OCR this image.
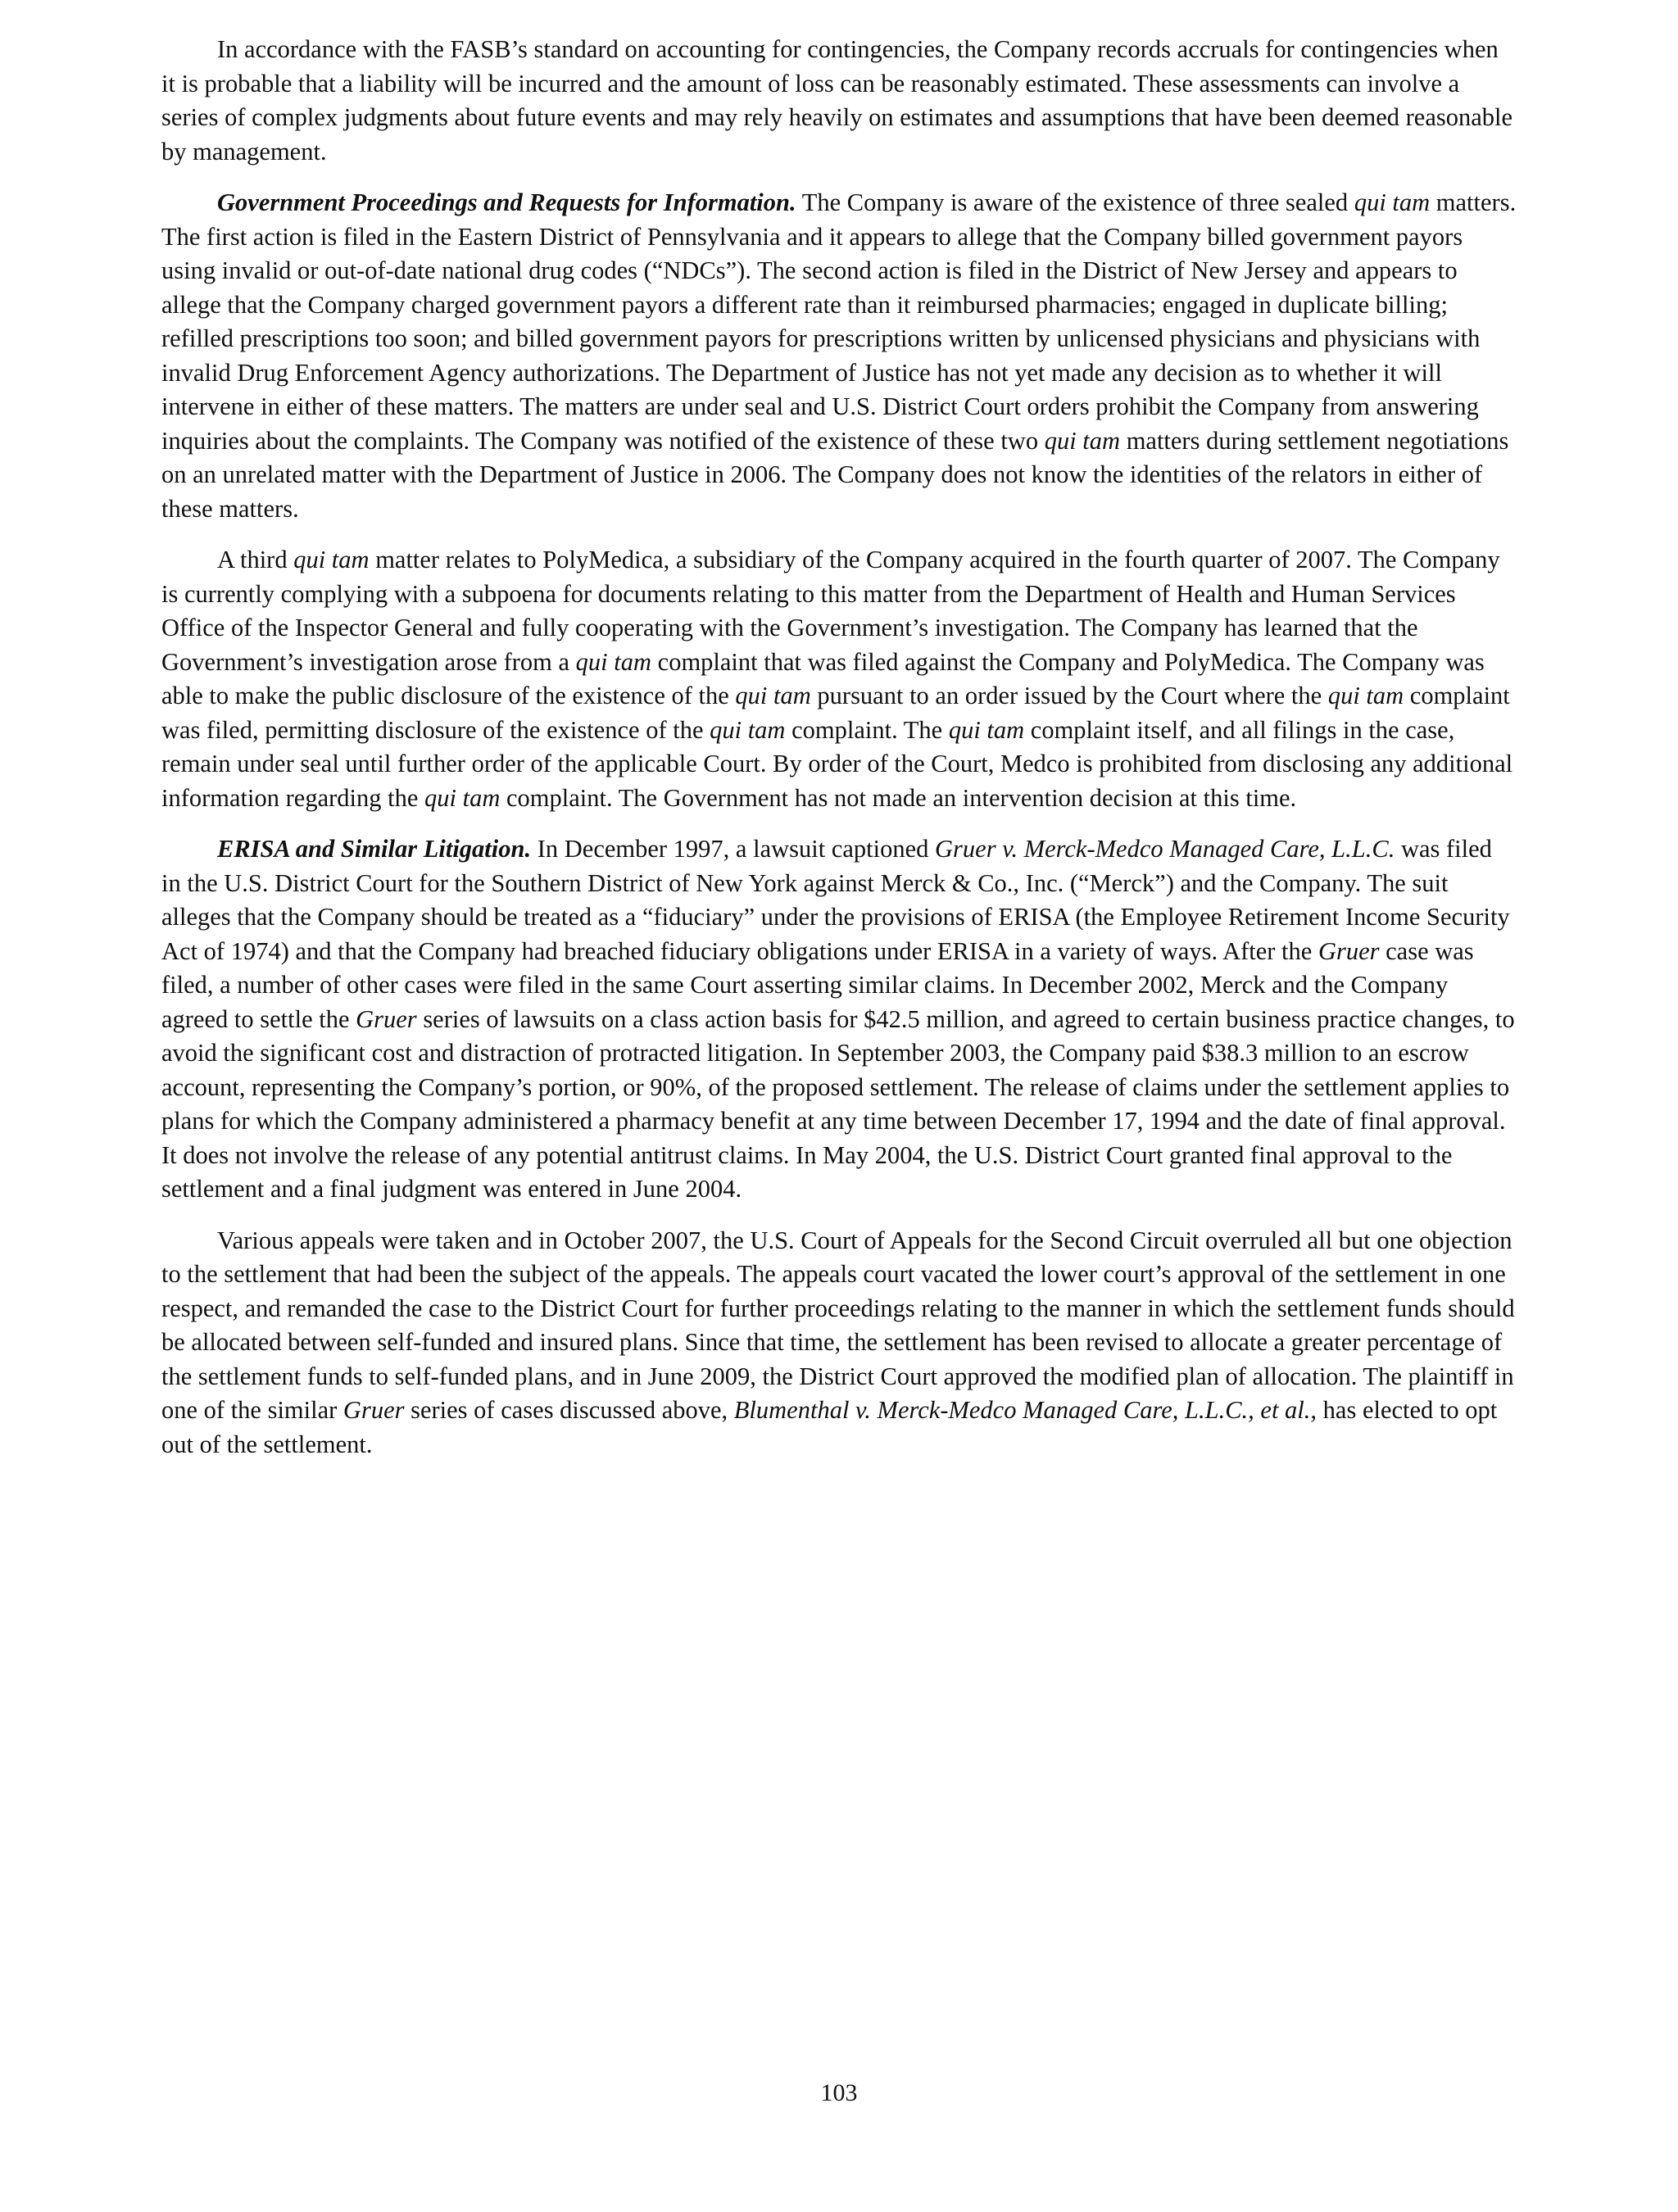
In accordance with the FASB’s standard on accounting for contingencies, the Company records accruals for contingencies when it is probable that a liability will be incurred and the amount of loss can be reasonably estimated. These assessments can involve a series of complex judgments about future events and may rely heavily on estimates and assumptions that have been deemed reasonable by management.

Government Proceedings and Requests for Information. The Company is aware of the existence of three sealed qui tam matters. The first action is filed in the Eastern District of Pennsylvania and it appears to allege that the Company billed government payors using invalid or out-of-date national drug codes (“NDCs”). The second action is filed in the District of New Jersey and appears to allege that the Company charged government payors a different rate than it reimbursed pharmacies; engaged in duplicate billing; refilled prescriptions too soon; and billed government payors for prescriptions written by unlicensed physicians and physicians with invalid Drug Enforcement Agency authorizations. The Department of Justice has not yet made any decision as to whether it will intervene in either of these matters. The matters are under seal and U.S. District Court orders prohibit the Company from answering inquiries about the complaints. The Company was notified of the existence of these two qui tam matters during settlement negotiations on an unrelated matter with the Department of Justice in 2006. The Company does not know the identities of the relators in either of these matters.

A third qui tam matter relates to PolyMedica, a subsidiary of the Company acquired in the fourth quarter of 2007. The Company is currently complying with a subpoena for documents relating to this matter from the Department of Health and Human Services Office of the Inspector General and fully cooperating with the Government’s investigation. The Company has learned that the Government’s investigation arose from a qui tam complaint that was filed against the Company and PolyMedica. The Company was able to make the public disclosure of the existence of the qui tam pursuant to an order issued by the Court where the qui tam complaint was filed, permitting disclosure of the existence of the qui tam complaint. The qui tam complaint itself, and all filings in the case, remain under seal until further order of the applicable Court. By order of the Court, Medco is prohibited from disclosing any additional information regarding the qui tam complaint. The Government has not made an intervention decision at this time.

ERISA and Similar Litigation. In December 1997, a lawsuit captioned Gruer v. Merck-Medco Managed Care, L.L.C. was filed in the U.S. District Court for the Southern District of New York against Merck & Co., Inc. (“Merck”) and the Company. The suit alleges that the Company should be treated as a “fiduciary” under the provisions of ERISA (the Employee Retirement Income Security Act of 1974) and that the Company had breached fiduciary obligations under ERISA in a variety of ways. After the Gruer case was filed, a number of other cases were filed in the same Court asserting similar claims. In December 2002, Merck and the Company agreed to settle the Gruer series of lawsuits on a class action basis for $42.5 million, and agreed to certain business practice changes, to avoid the significant cost and distraction of protracted litigation. In September 2003, the Company paid $38.3 million to an escrow account, representing the Company’s portion, or 90%, of the proposed settlement. The release of claims under the settlement applies to plans for which the Company administered a pharmacy benefit at any time between December 17, 1994 and the date of final approval. It does not involve the release of any potential antitrust claims. In May 2004, the U.S. District Court granted final approval to the settlement and a final judgment was entered in June 2004.

Various appeals were taken and in October 2007, the U.S. Court of Appeals for the Second Circuit overruled all but one objection to the settlement that had been the subject of the appeals. The appeals court vacated the lower court’s approval of the settlement in one respect, and remanded the case to the District Court for further proceedings relating to the manner in which the settlement funds should be allocated between self-funded and insured plans. Since that time, the settlement has been revised to allocate a greater percentage of the settlement funds to self-funded plans, and in June 2009, the District Court approved the modified plan of allocation. The plaintiff in one of the similar Gruer series of cases discussed above, Blumenthal v. Merck-Medco Managed Care, L.L.C., et al., has elected to opt out of the settlement.

103
